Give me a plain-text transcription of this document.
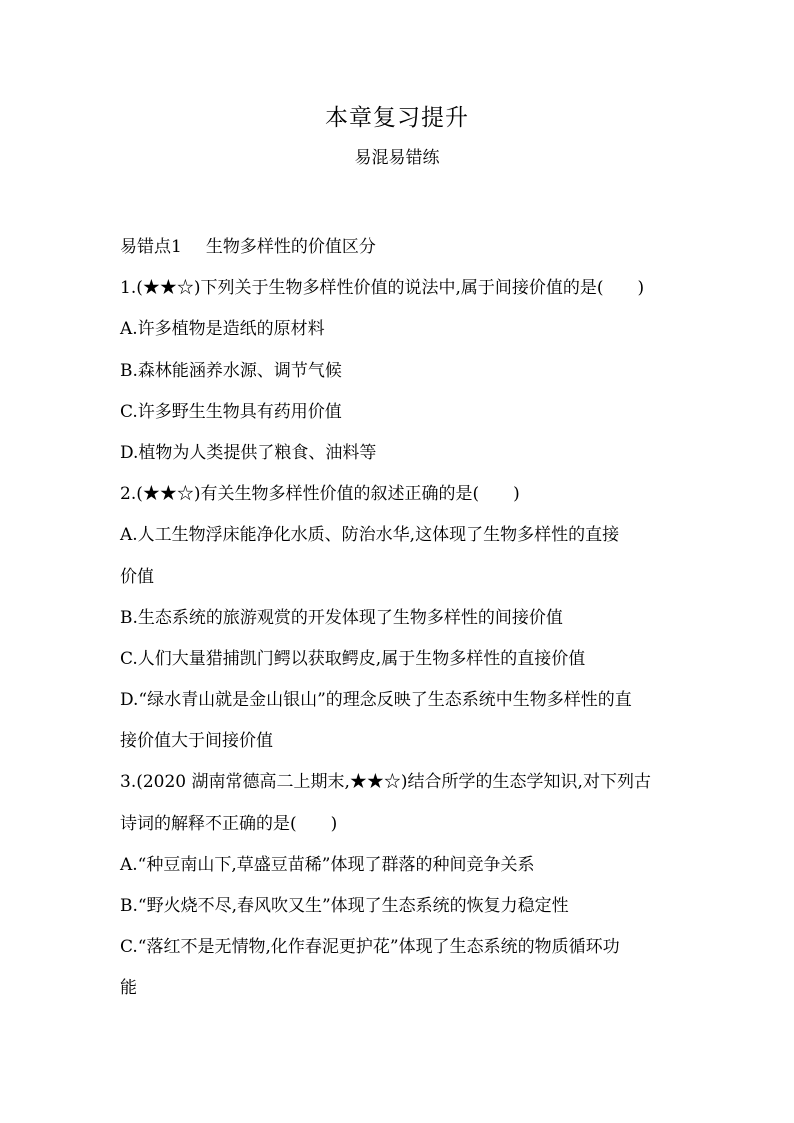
本章复习提升
易混易错练
易错点1 生物多样性的价值区分
1.(★★☆)下列关于生物多样性价值的说法中,属于间接价值的是(　　)
A.许多植物是造纸的原材料
B.森林能涵养水源、调节气候
C.许多野生生物具有药用价值
D.植物为人类提供了粮食、油料等
2.(★★☆)有关生物多样性价值的叙述正确的是(　　)
A.人工生物浮床能净化水质、防治水华,这体现了生物多样性的直接
价值
B.生态系统的旅游观赏的开发体现了生物多样性的间接价值
C.人们大量猎捕凯门鳄以获取鳄皮,属于生物多样性的直接价值
D.“绿水青山就是金山银山”的理念反映了生态系统中生物多样性的直
接价值大于间接价值
3.(2020 湖南常德高二上期末,★★☆)结合所学的生态学知识,对下列古
诗词的解释不正确的是(　　)
A.“种豆南山下,草盛豆苗稀”体现了群落的种间竞争关系
B.“野火烧不尽,春风吹又生”体现了生态系统的恢复力稳定性
C.“落红不是无情物,化作春泥更护花”体现了生态系统的物质循环功
能
